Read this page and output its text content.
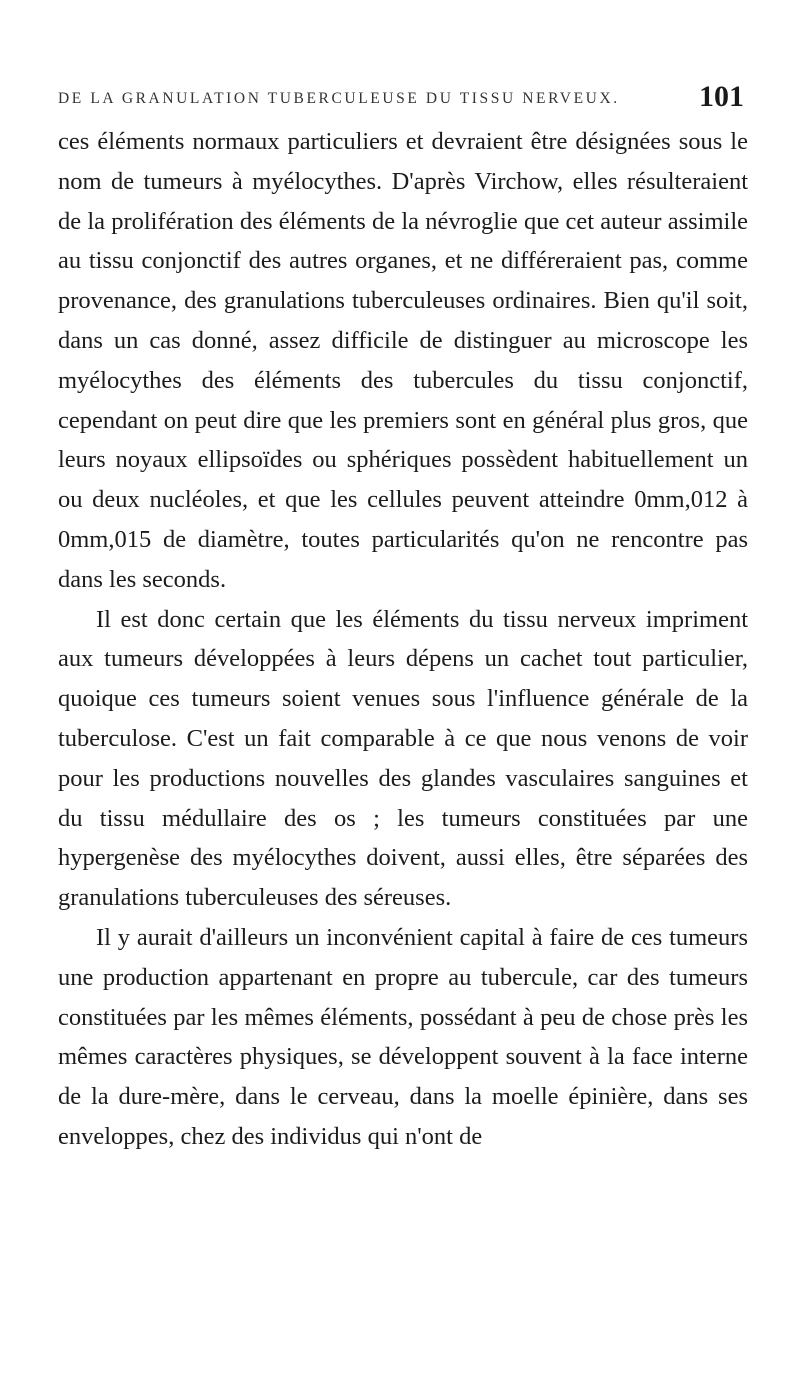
DE LA GRANULATION TUBERCULEUSE DU TISSU NERVEUX.	101

ces éléments normaux particuliers et devraient être désignées sous le nom de tumeurs à myélocythes. D'après Virchow, elles résulteraient de la prolifération des éléments de la névroglie que cet auteur assimile au tissu conjonctif des autres organes, et ne différeraient pas, comme provenance, des granulations tuberculeuses ordinaires. Bien qu'il soit, dans un cas donné, assez difficile de distinguer au microscope les myélocythes des éléments des tubercules du tissu conjonctif, cependant on peut dire que les premiers sont en général plus gros, que leurs noyaux ellipsoïdes ou sphériques possèdent habituellement un ou deux nucléoles, et que les cellules peuvent atteindre 0mm,012 à 0mm,015 de diamètre, toutes particularités qu'on ne rencontre pas dans les seconds.

Il est donc certain que les éléments du tissu nerveux impriment aux tumeurs développées à leurs dépens un cachet tout particulier, quoique ces tumeurs soient venues sous l'influence générale de la tuberculose. C'est un fait comparable à ce que nous venons de voir pour les productions nouvelles des glandes vasculaires sanguines et du tissu médullaire des os ; les tumeurs constituées par une hypergenèse des myélocythes doivent, aussi elles, être séparées des granulations tuberculeuses des séreuses.

Il y aurait d'ailleurs un inconvénient capital à faire de ces tumeurs une production appartenant en propre au tubercule, car des tumeurs constituées par les mêmes éléments, possédant à peu de chose près les mêmes caractères physiques, se développent souvent à la face interne de la dure-mère, dans le cerveau, dans la moelle épinière, dans ses enveloppes, chez des individus qui n'ont de
